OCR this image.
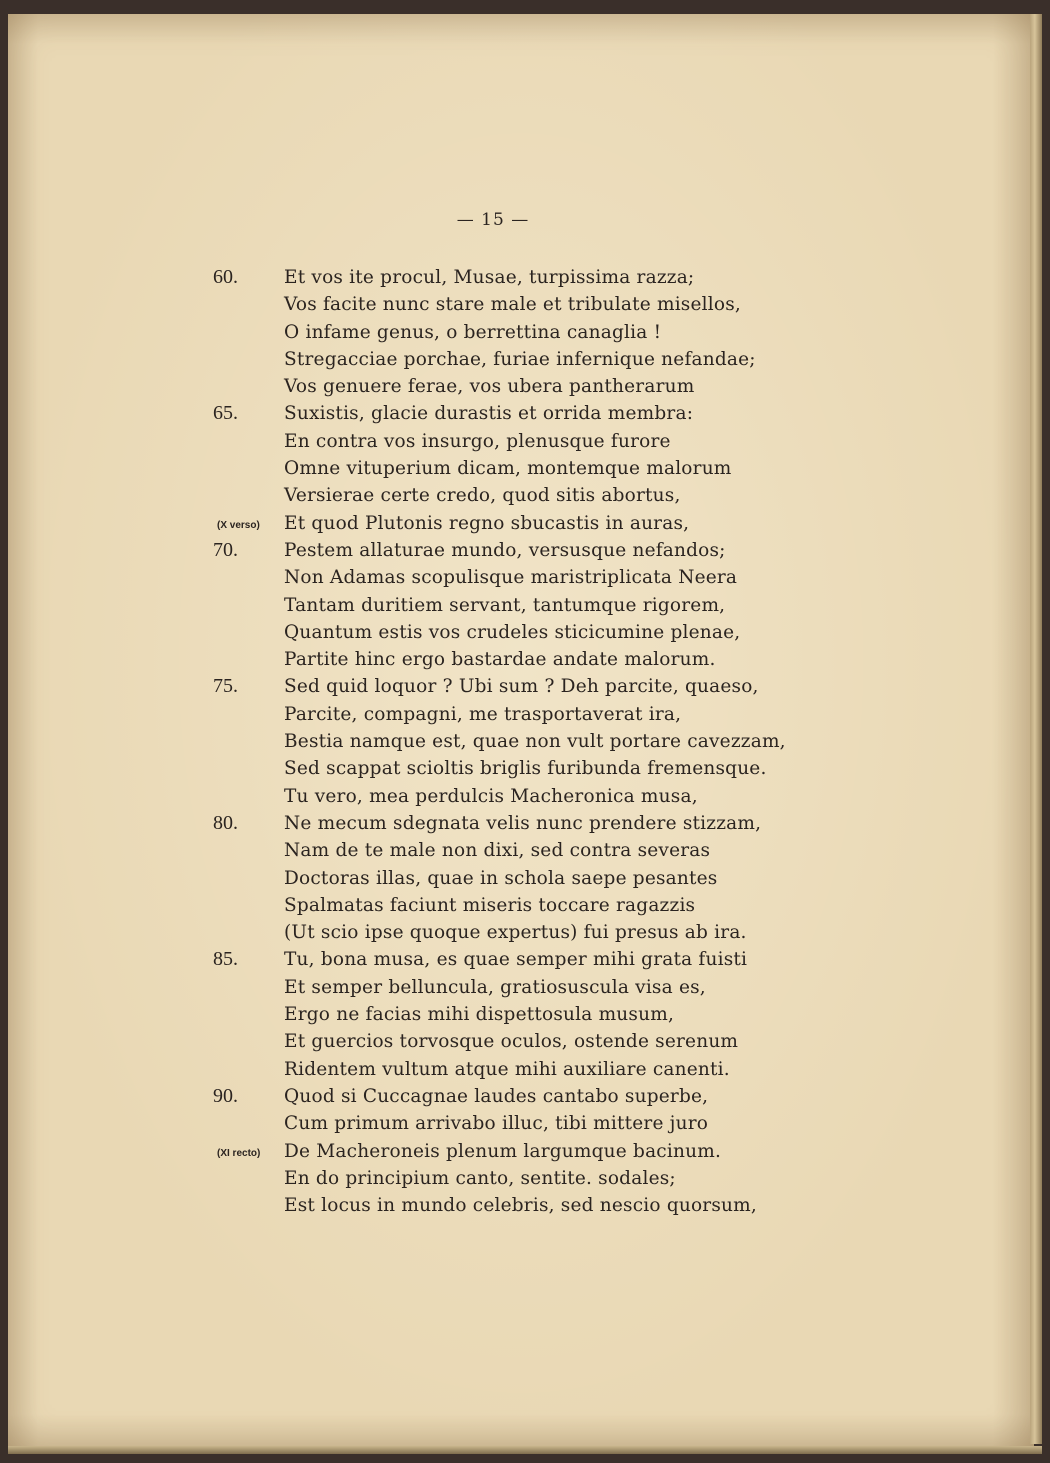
— 15 —
60.	Et vos ite procul, Musae, turpissima razza;
Vos facite nunc stare male et tribulate misellos,
O infame genus, o berrettina canaglia !
Stregacciae porchae, furiae infernique nefandae;
Vos genuere ferae, vos ubera pantherarum
65.	Suxistis, glacie durastis et orrida membra:
En contra vos insurgo, plenusque furore
Omne vituperium dicam, montemque malorum
Versierae certe credo, quod sitis abortus,
(X verso)	Et quod Plutonis regno sbucastis in auras,
70.	Pestem allaturae mundo, versusque nefandos;
Non Adamas scopulisque maristriplicata Neera
Tantam duritiem servant, tantumque rigorem,
Quantum estis vos crudeles sticicumine plenae,
Partite hinc ergo bastardae andate malorum.
75.	Sed quid loquor ? Ubi sum ? Deh parcite, quaeso,
Parcite, compagni, me trasportaverat ira,
Bestia namque est, quae non vult portare cavezzam,
Sed scappat scioltis briglis furibunda fremensque.
Tu vero, mea perdulcis Macheronica musa,
80.	Ne mecum sdegnata velis nunc prendere stizzam,
Nam de te male non dixi, sed contra severas
Doctoras illas, quae in schola saepe pesantes
Spalmatas faciunt miseris toccare ragazzis
(Ut scio ipse quoque expertus) fui presus ab ira.
85.	Tu, bona musa, es quae semper mihi grata fuisti
Et semper belluncula, gratiosuscula visa es,
Ergo ne facias mihi dispettosula musum,
Et guercios torvosque oculos, ostende serenum
Ridentem vultum atque mihi auxiliare canenti.
90.	Quod si Cuccagnae laudes cantabo superbe,
Cum primum arrivabo illuc, tibi mittere juro
(XI recto)	De Macheroneis plenum largumque bacinum.
En do principium canto, sentite. sodales;
Est locus in mundo celebris, sed nescio quorsum,
